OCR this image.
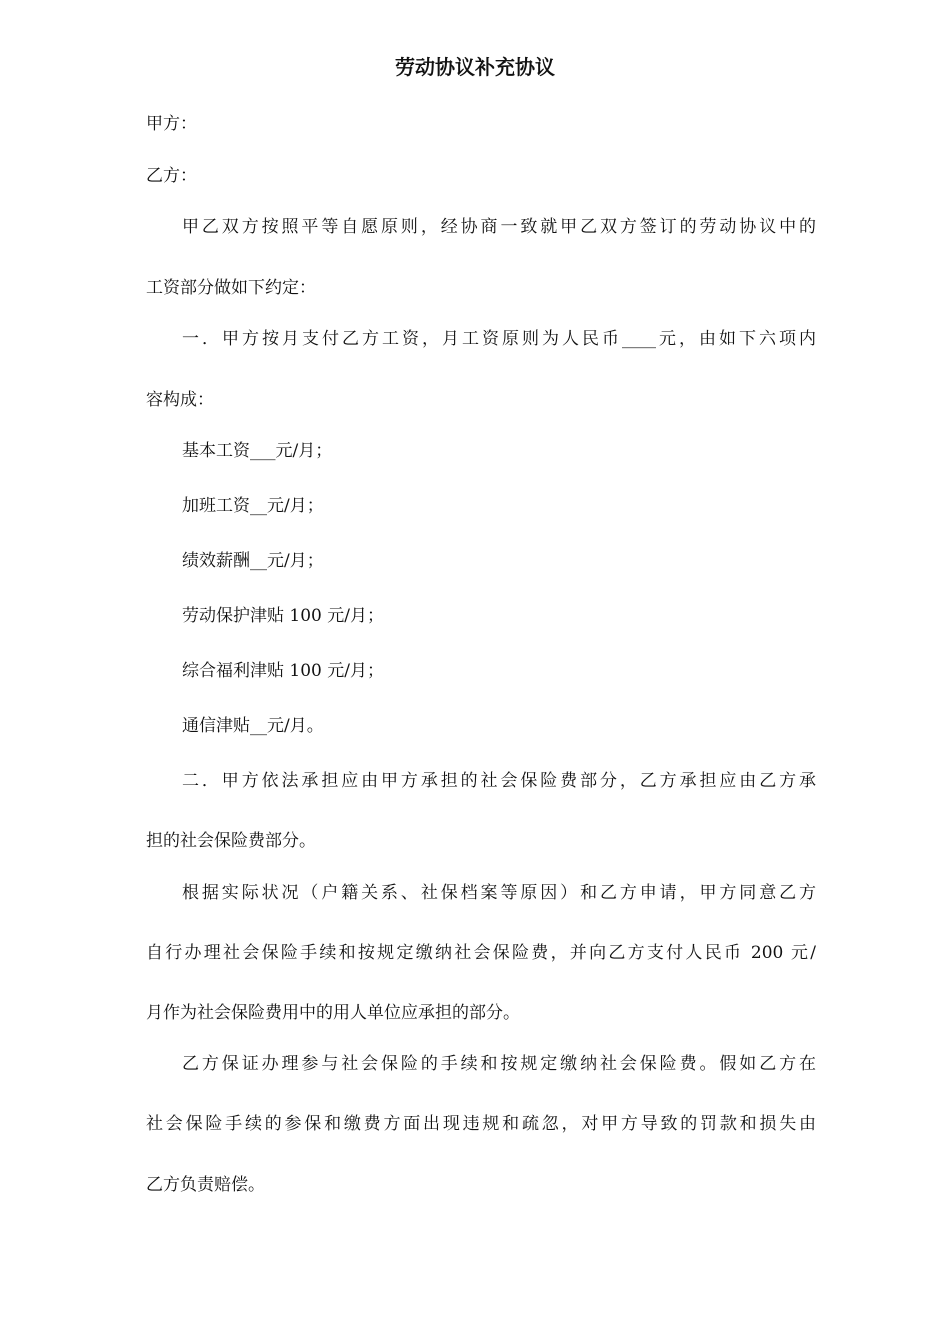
劳动协议补充协议
甲方：
乙方：
甲乙双方按照平等自愿原则，经协商一致就甲乙双方签订的劳动协议中的
工资部分做如下约定：
一．甲方按月支付乙方工资，月工资原则为人民币____元，由如下六项内
容构成：
基本工资___元/月；
加班工资__元/月；
绩效薪酬__元/月；
劳动保护津贴 100 元/月；
综合福利津贴 100 元/月；
通信津贴__元/月。
二．甲方依法承担应由甲方承担的社会保险费部分，乙方承担应由乙方承
担的社会保险费部分。
根据实际状况（户籍关系、社保档案等原因）和乙方申请，甲方同意乙方
自行办理社会保险手续和按规定缴纳社会保险费，并向乙方支付人民币 200 元/
月作为社会保险费用中的用人单位应承担的部分。
乙方保证办理参与社会保险的手续和按规定缴纳社会保险费。假如乙方在
社会保险手续的参保和缴费方面出现违规和疏忽，对甲方导致的罚款和损失由
乙方负责赔偿。
